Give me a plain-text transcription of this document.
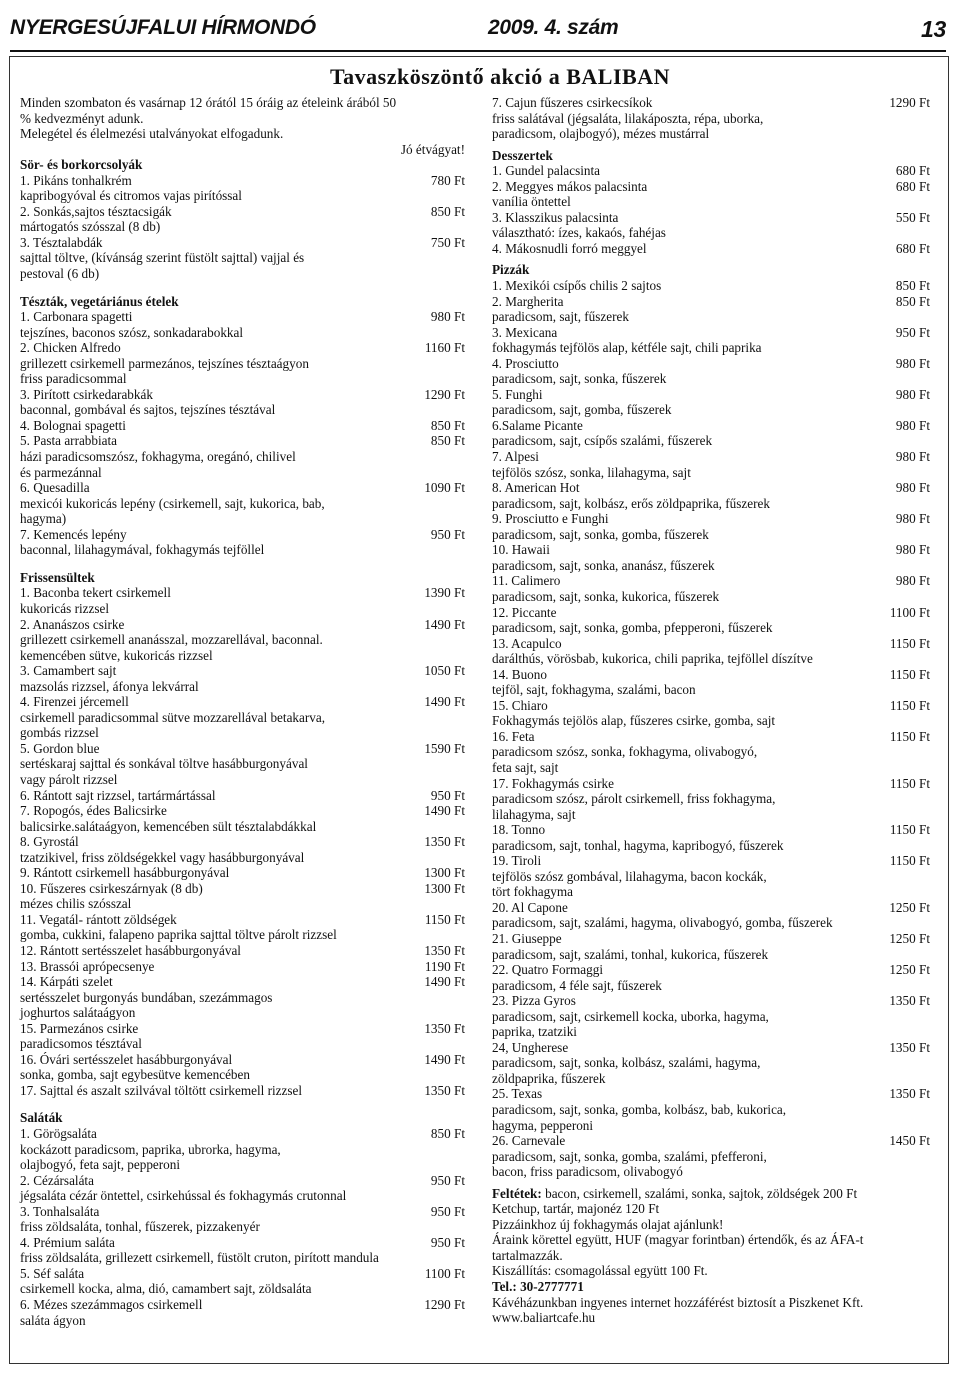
NYERGESÚJFALUI HÍRMONDÓ	2009. 4. szám	13
Tavaszköszöntő akció a BALIBAN
Minden szombaton és vasárnap 12 órától 15 óráig az ételeink árából 50
% kedvezményt adunk.
Melegétel és élelmezési utalványokat elfogadunk.
Jó étvágyat!
Sör- és borkorcsolyák
1. Pikáns tonhalkrém	780 Ft
kapribogyóval és citromos vajas pirítóssal
2. Sonkás,sajtos tésztacsigák	850 Ft
mártogatós szósszal (8 db)
3. Tésztalabdák	750 Ft
sajttal töltve, (kívánság szerint füstölt sajttal) vajjal és
pestoval (6 db)
Tészták, vegetáriánus ételek
1. Carbonara spagetti	980 Ft
tejszínes, baconos szósz, sonkadarabokkal
2. Chicken Alfredo	1160 Ft
grillezett csirkemell parmezános, tejszínes tésztaágyon
friss paradicsommal
3. Pirított csirkedarabkák	1290 Ft
baconnal, gombával és sajtos, tejszínes tésztával
4. Bolognai spagetti	850 Ft
5. Pasta arrabbiata	850 Ft
házi paradicsomszósz, fokhagyma, oregánó, chilivel
és parmezánnal
6. Quesadilla	1090 Ft
mexicói kukoricás lepény (csirkemell, sajt, kukorica, bab,
hagyma)
7. Kemencés lepény	950 Ft
baconnal, lilahagymával, fokhagymás tejföllel
Frissensültek
1. Baconba tekert csirkemell	1390 Ft
kukoricás rizzsel
2. Ananászos csirke	1490 Ft
grillezett csirkemell ananásszal, mozzarellával, baconnal.
kemencében sütve, kukoricás rizzsel
3. Camambert sajt	1050 Ft
mazsolás rizzsel, áfonya lekvárral
4. Firenzei jércemell	1490 Ft
csirkemell paradicsommal sütve mozzarellával betakarva,
gombás rizzsel
5. Gordon blue	1590 Ft
sertéskaraj sajttal és sonkával töltve hasábburgonyával
vagy párolt rizzsel
6. Rántott sajt rizzsel, tartármártással	950 Ft
7. Ropogós, édes Balicsirke	1490 Ft
balicsirke.salátaágyon, kemencében sült tésztalabdákkal
8. Gyrostál	1350 Ft
tzatzikivel, friss zöldségekkel vagy hasábburgonyával
9. Rántott csirkemell hasábburgonyával	1300 Ft
10. Fűszeres csirkeszárnyak (8 db)	1300 Ft
mézes chilis szósszal
11. Vegatál- rántott zöldségek	1150 Ft
gomba, cukkini, falapeno paprika sajttal töltve párolt rizzsel
12. Rántott sertésszelet hasábburgonyával	1350 Ft
13. Brassói aprópecsenye	1190 Ft
14. Kárpáti szelet	1490 Ft
sertésszelet burgonyás bundában, szezámmagos
joghurtos salátaágyon
15. Parmezános csirke	1350 Ft
paradicsomos tésztával
16. Óvári sertésszelet hasábburgonyával	1490 Ft
sonka, gomba, sajt egybesütve kemencében
17. Sajttal és aszalt szilvával töltött csirkemell rizzsel	1350 Ft
Saláták
1. Görögsaláta	850 Ft
kockázott paradicsom, paprika, ubrorka, hagyma,
olajbogyó, feta sajt, pepperoni
2. Cézársaláta	950 Ft
jégsaláta cézár öntettel, csirkehússal és fokhagymás crutonnal
3. Tonhalsaláta	950 Ft
friss zöldsaláta, tonhal, fűszerek, pizzakenyér
4. Prémium saláta	950 Ft
friss zöldsaláta, grillezett csirkemell, füstölt cruton, pirított mandula
5. Séf saláta	1100 Ft
csirkemell kocka, alma, dió, camambert sajt, zöldsaláta
6. Mézes szezámmagos csirkemell	1290 Ft
saláta ágyon
7. Cajun fűszeres csirkecsíkok	1290 Ft
friss salátával (jégsaláta, lilakáposzta, répa, uborka,
paradicsom, olajbogyó), mézes mustárral
Desszertek
1. Gundel palacsinta	680 Ft
2. Meggyes mákos palacsinta	680 Ft
vanília öntettel
3. Klasszikus palacsinta	550 Ft
választható: ízes, kakaós, fahéjas
4. Mákosnudli forró meggyel	680 Ft
Pizzák
1. Mexikói csípős chilis 2 sajtos	850 Ft
2. Margherita	850 Ft
paradicsom, sajt, fűszerek
3. Mexicana	950 Ft
fokhagymás tejfölös alap, kétféle sajt, chili paprika
4. Prosciutto	980 Ft
paradicsom, sajt, sonka, fűszerek
5. Funghi	980 Ft
paradicsom, sajt, gomba, fűszerek
6.Salame Picante	980 Ft
paradicsom, sajt, csípős szalámi, fűszerek
7. Alpesi	980 Ft
tejfölös szósz, sonka, lilahagyma, sajt
8. American Hot	980 Ft
paradicsom, sajt, kolbász, erős zöldpaprika, fűszerek
9. Prosciutto e Funghi	980 Ft
paradicsom, sajt, sonka, gomba, fűszerek
10. Hawaii	980 Ft
paradicsom, sajt, sonka, ananász, fűszerek
11. Calimero	980 Ft
paradicsom, sajt, sonka, kukorica, fűszerek
12. Piccante	1100 Ft
paradicsom, sajt, sonka, gomba, pfepperoni, fűszerek
13. Acapulco	1150 Ft
darálthús, vörösbab, kukorica, chili paprika, tejföllel díszítve
14. Buono	1150 Ft
tejföl, sajt, fokhagyma, szalámi, bacon
15. Chiaro	1150 Ft
Fokhagymás tejölös alap, fűszeres csirke, gomba, sajt
16. Feta	1150 Ft
paradicsom szósz, sonka, fokhagyma, olivabogyó,
feta sajt, sajt
17. Fokhagymás csirke	1150 Ft
paradicsom szósz, párolt csirkemell, friss fokhagyma,
lilahagyma, sajt
18. Tonno	1150 Ft
paradicsom, sajt, tonhal, hagyma, kapribogyó, fűszerek
19. Tiroli	1150 Ft
tejfölös szósz gombával, lilahagyma, bacon kockák,
tört fokhagyma
20. Al Capone	1250 Ft
paradicsom, sajt, szalámi, hagyma, olivabogyó, gomba, fűszerek
21. Giuseppe	1250 Ft
paradicsom, sajt, szalámi, tonhal, kukorica, fűszerek
22. Quatro Formaggi	1250 Ft
paradicsom, 4 féle sajt, fűszerek
23. Pizza Gyros	1350 Ft
paradicsom, sajt, csirkemell kocka, uborka, hagyma,
paprika, tzatziki
24, Ungherese	1350 Ft
paradicsom, sajt, sonka, kolbász, szalámi, hagyma,
zöldpaprika, fűszerek
25. Texas	1350 Ft
paradicsom, sajt, sonka, gomba, kolbász, bab, kukorica,
hagyma, pepperoni
26. Carnevale	1450 Ft
paradicsom, sajt, sonka, gomba, szalámi, pfefferoni,
bacon, friss paradicsom, olivabogyó
Feltétek: bacon, csirkemell, szalámi, sonka, sajtok, zöldségek 200 Ft
Ketchup, tartár, majonéz 120 Ft
Pizzáinkhoz új fokhagymás olajat ajánlunk!
Áraink körettel együtt, HUF (magyar forintban) értendők, és az ÁFA-t
tartalmazzák.
Kiszállítás: csomagolással együtt 100 Ft.
Tel.: 30-2777771
Kávéházunkban ingyenes internet hozzáférést biztosít a Piszkenet Kft.
www.baliartcafe.hu
